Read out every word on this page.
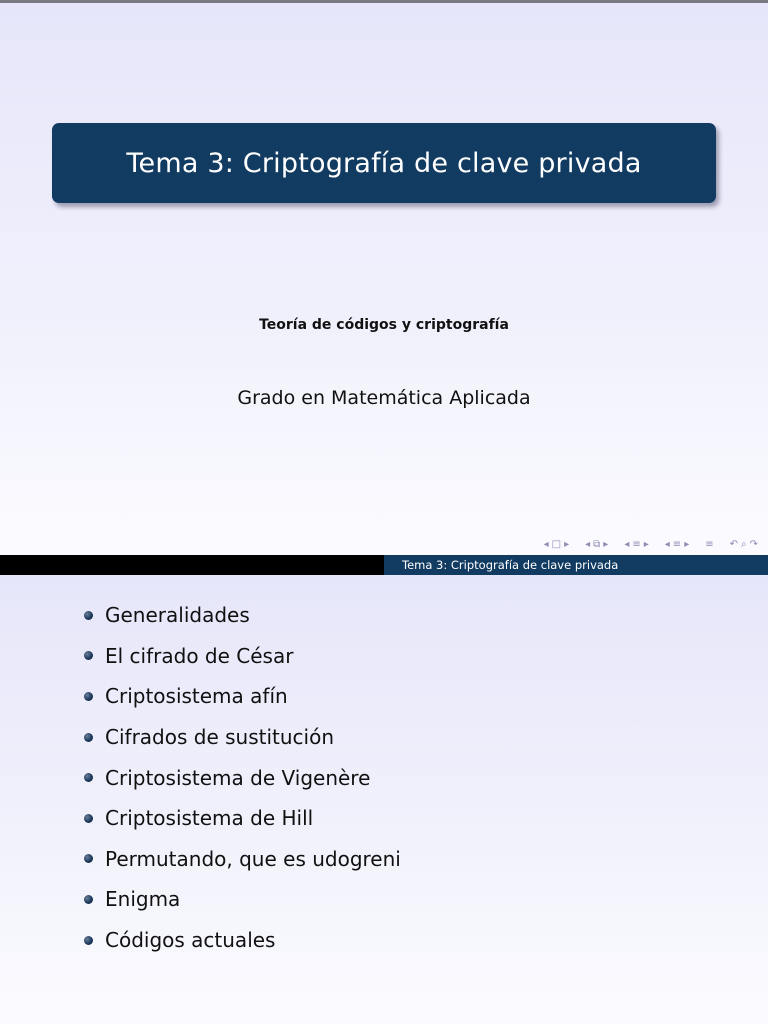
Tema 3: Criptografía de clave privada
Teoría de códigos y criptografía
Grado en Matemática Aplicada
◂ □ ▸ ◂ ⧉ ▸ ◂ ≡ ▸ ◂ ≡ ▸ ≡ ↶ ⌕ ↷
Tema 3: Criptografía de clave privada
Generalidades
El cifrado de César
Criptosistema afín
Cifrados de sustitución
Criptosistema de Vigenère
Criptosistema de Hill
Permutando, que es udogreni
Enigma
Códigos actuales
